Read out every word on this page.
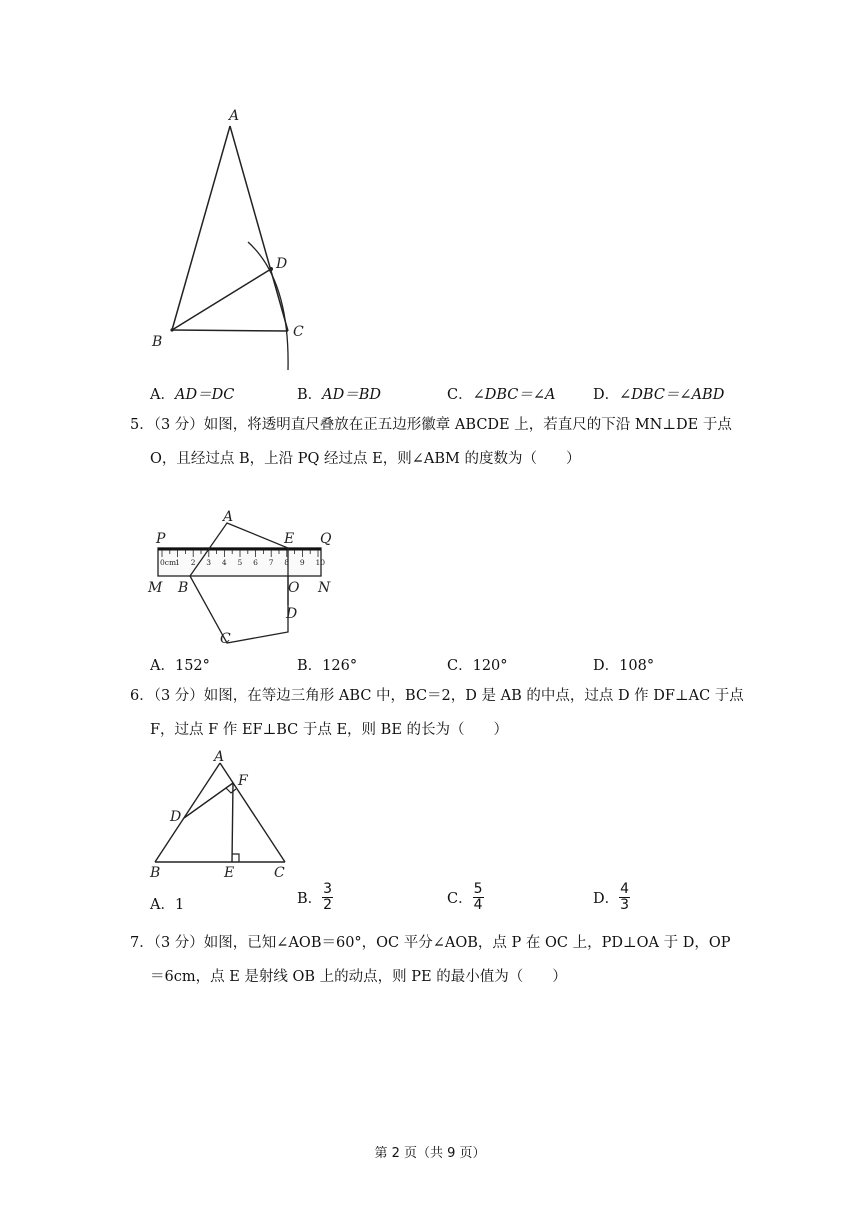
A
D
B
C
A．AD＝DC	B．AD＝BD	C．∠DBC＝∠A	D．∠DBC＝∠ABD
5．（3 分）如图，将透明直尺叠放在正五边形徽章 ABCDE 上，若直尺的下沿 MN⊥DE 于点
O，且经过点 B，上沿 PQ 经过点 E，则∠ABM 的度数为（　　）
0cm 1 2 3 4 5 6 7 8 9 10
P
A
E Q
M B	O N
D
C
A．152°	B．126°	C．120°	D．108°
6．（3 分）如图，在等边三角形 ABC 中，BC＝2，D 是 AB 的中点，过点 D 作 DF⊥AC 于点
F，过点 F 作 EF⊥BC 于点 E，则 BE 的长为（　　）
A
F
D
B	E	C
A．1	B． $\frac{3}{2}$	C． $\frac{5}{4}$	D． $\frac{4}{3}$
7．（3 分）如图，已知∠AOB＝60°，OC 平分∠AOB，点 P 在 OC 上，PD⊥OA 于 D，OP
＝6cm，点 E 是射线 OB 上的动点，则 PE 的最小值为（　　）
第 2 页（共 9 页）
